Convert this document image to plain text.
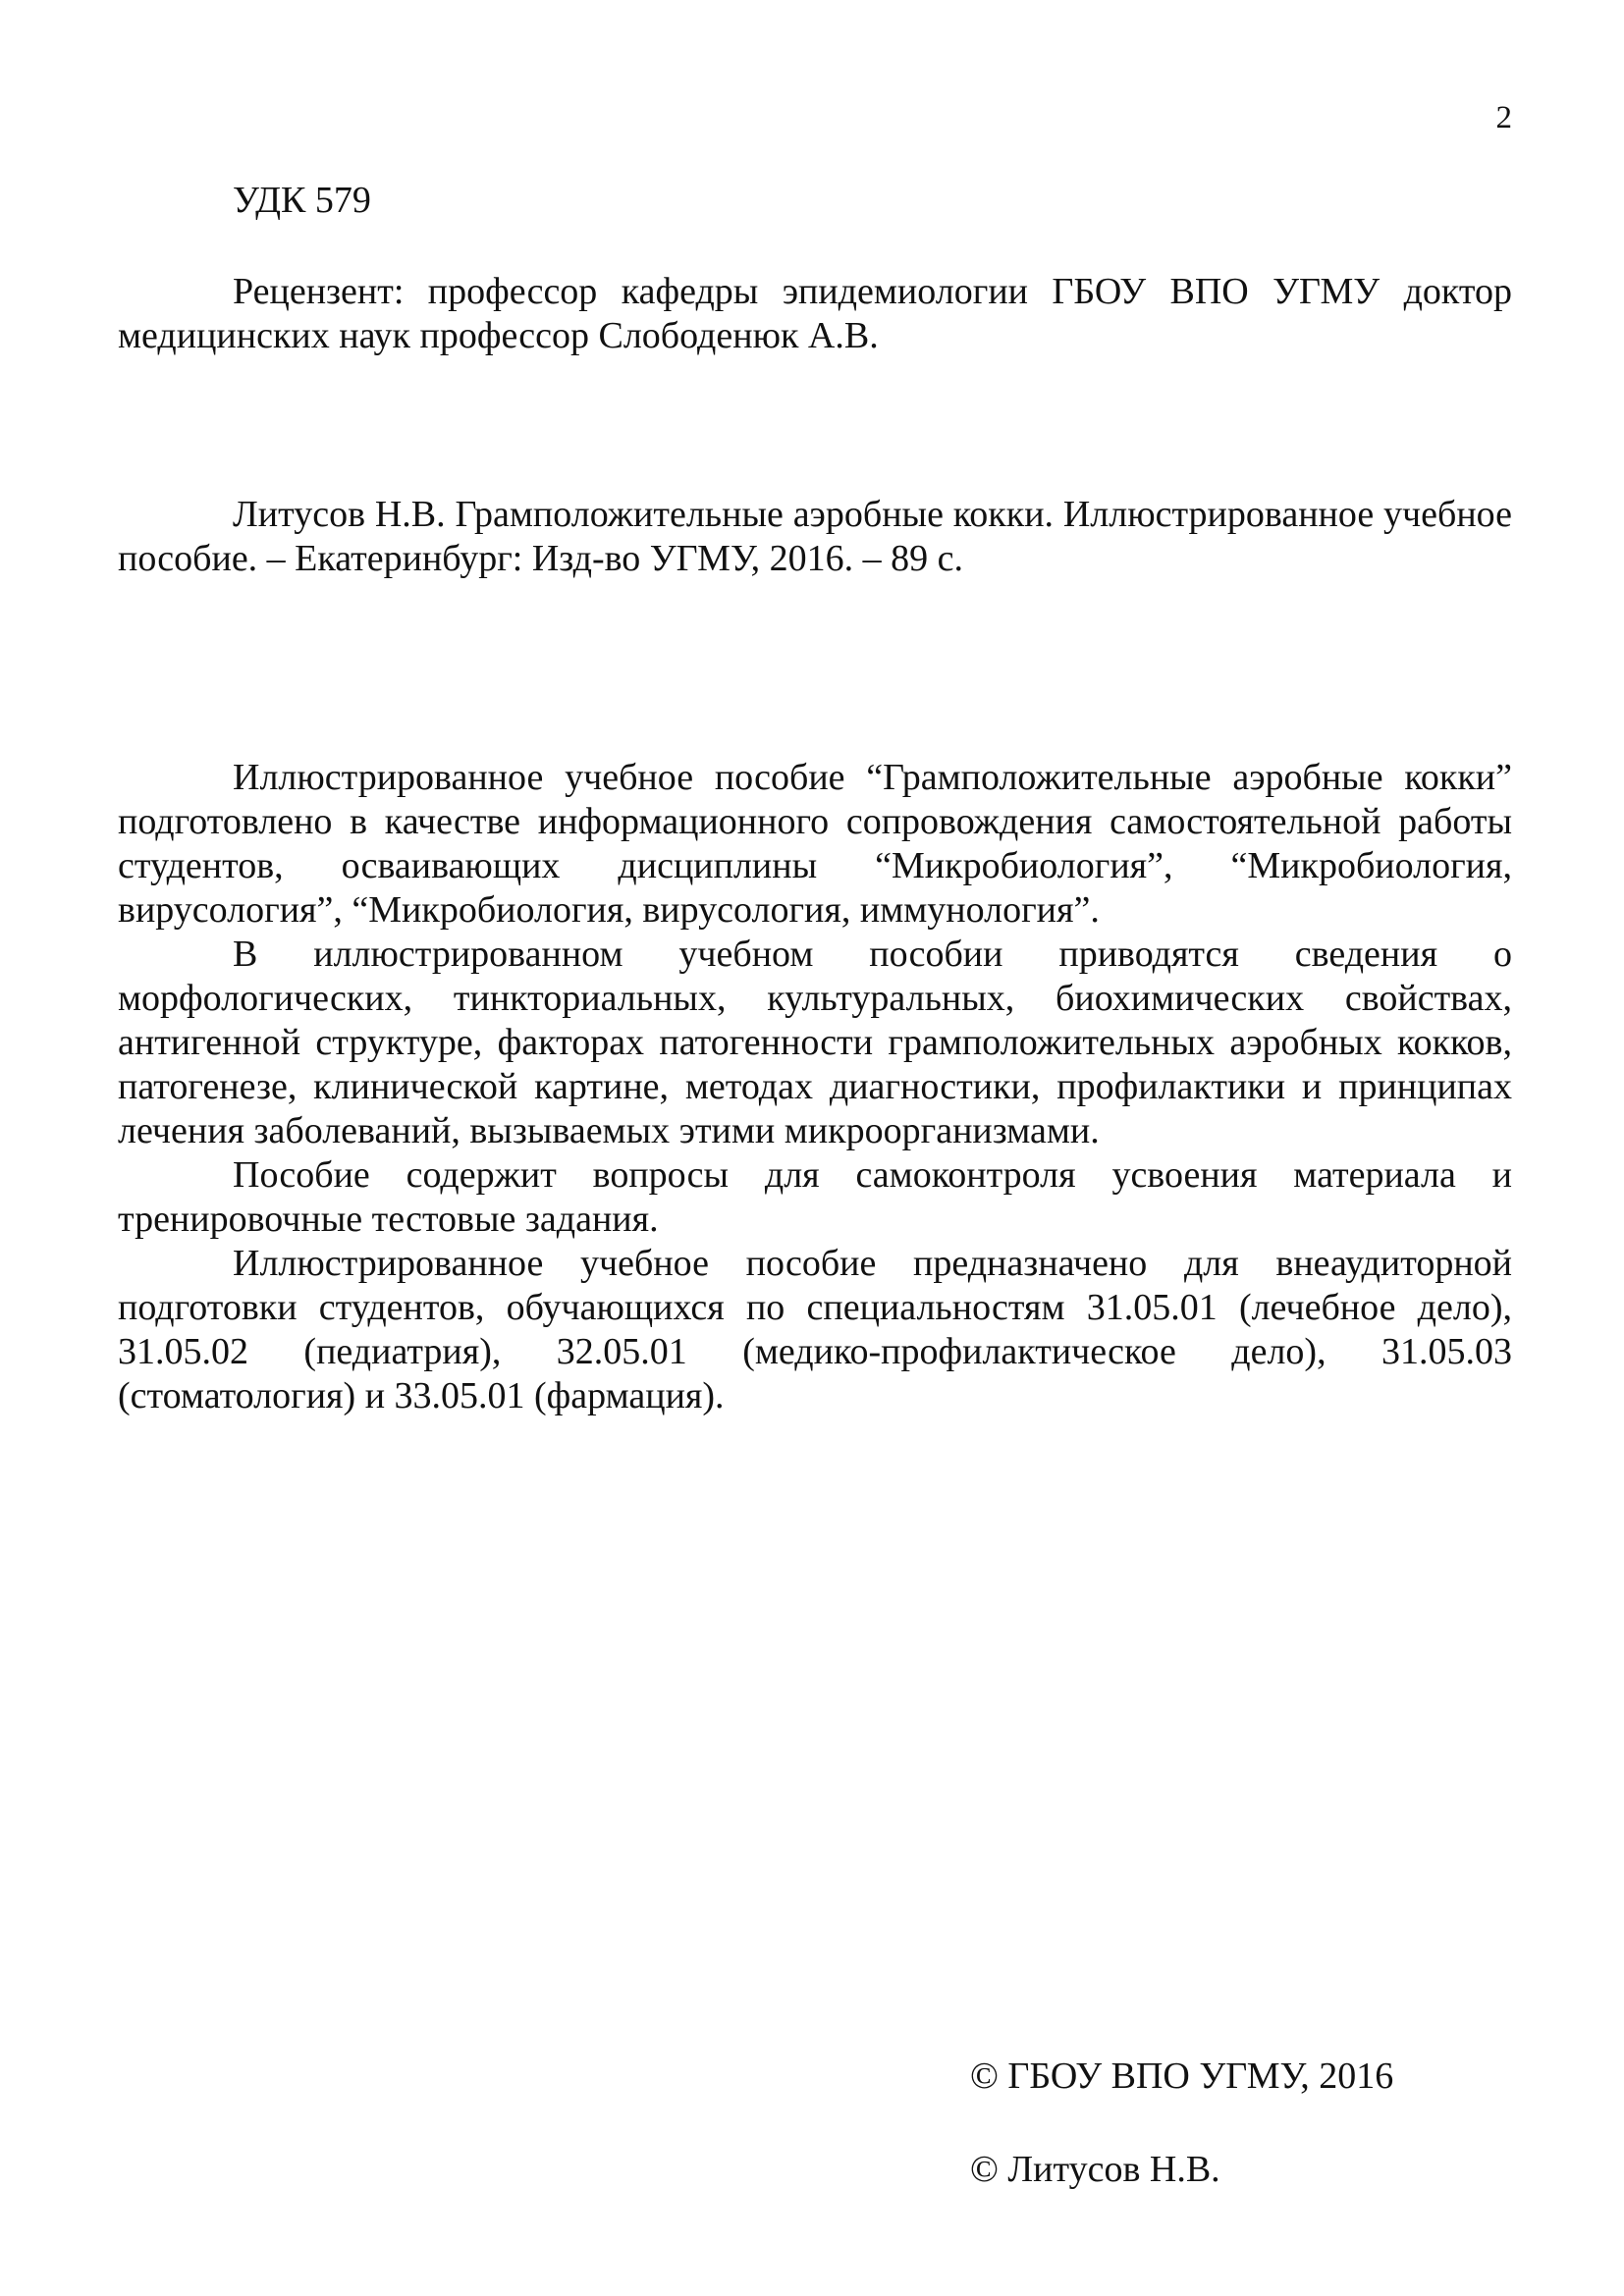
2
УДК 579

Рецензент: профессор кафедры эпидемиологии ГБОУ ВПО УГМУ доктор медицинских наук профессор Слободенюк А.В.

Литусов Н.В. Грамположительные аэробные кокки. Иллюстрированное учебное пособие. – Екатеринбург: Изд-во УГМУ, 2016. – 89 с.

Иллюстрированное учебное пособие “Грамположительные аэробные кокки” подготовлено в качестве информационного сопровождения самостоятельной работы студентов, осваивающих дисциплины “Микробиология”, “Микробиология, вирусология”, “Микробиология, вирусология, иммунология”.

В иллюстрированном учебном пособии приводятся сведения о морфологических, тинкториальных, культуральных, биохимических свойствах, антигенной структуре, факторах патогенности грамположительных аэробных кокков, патогенезе, клинической картине, методах диагностики, профилактики и принципах лечения заболеваний, вызываемых этими микроорганизмами.

Пособие содержит вопросы для самоконтроля усвоения материала и тренировочные тестовые задания.

Иллюстрированное учебное пособие предназначено для внеаудиторной подготовки студентов, обучающихся по специальностям 31.05.01 (лечебное дело), 31.05.02 (педиатрия), 32.05.01 (медико-профилактическое дело), 31.05.03 (стоматология) и 33.05.01 (фармация).

© ГБОУ ВПО УГМУ, 2016
© Литусов Н.В.
